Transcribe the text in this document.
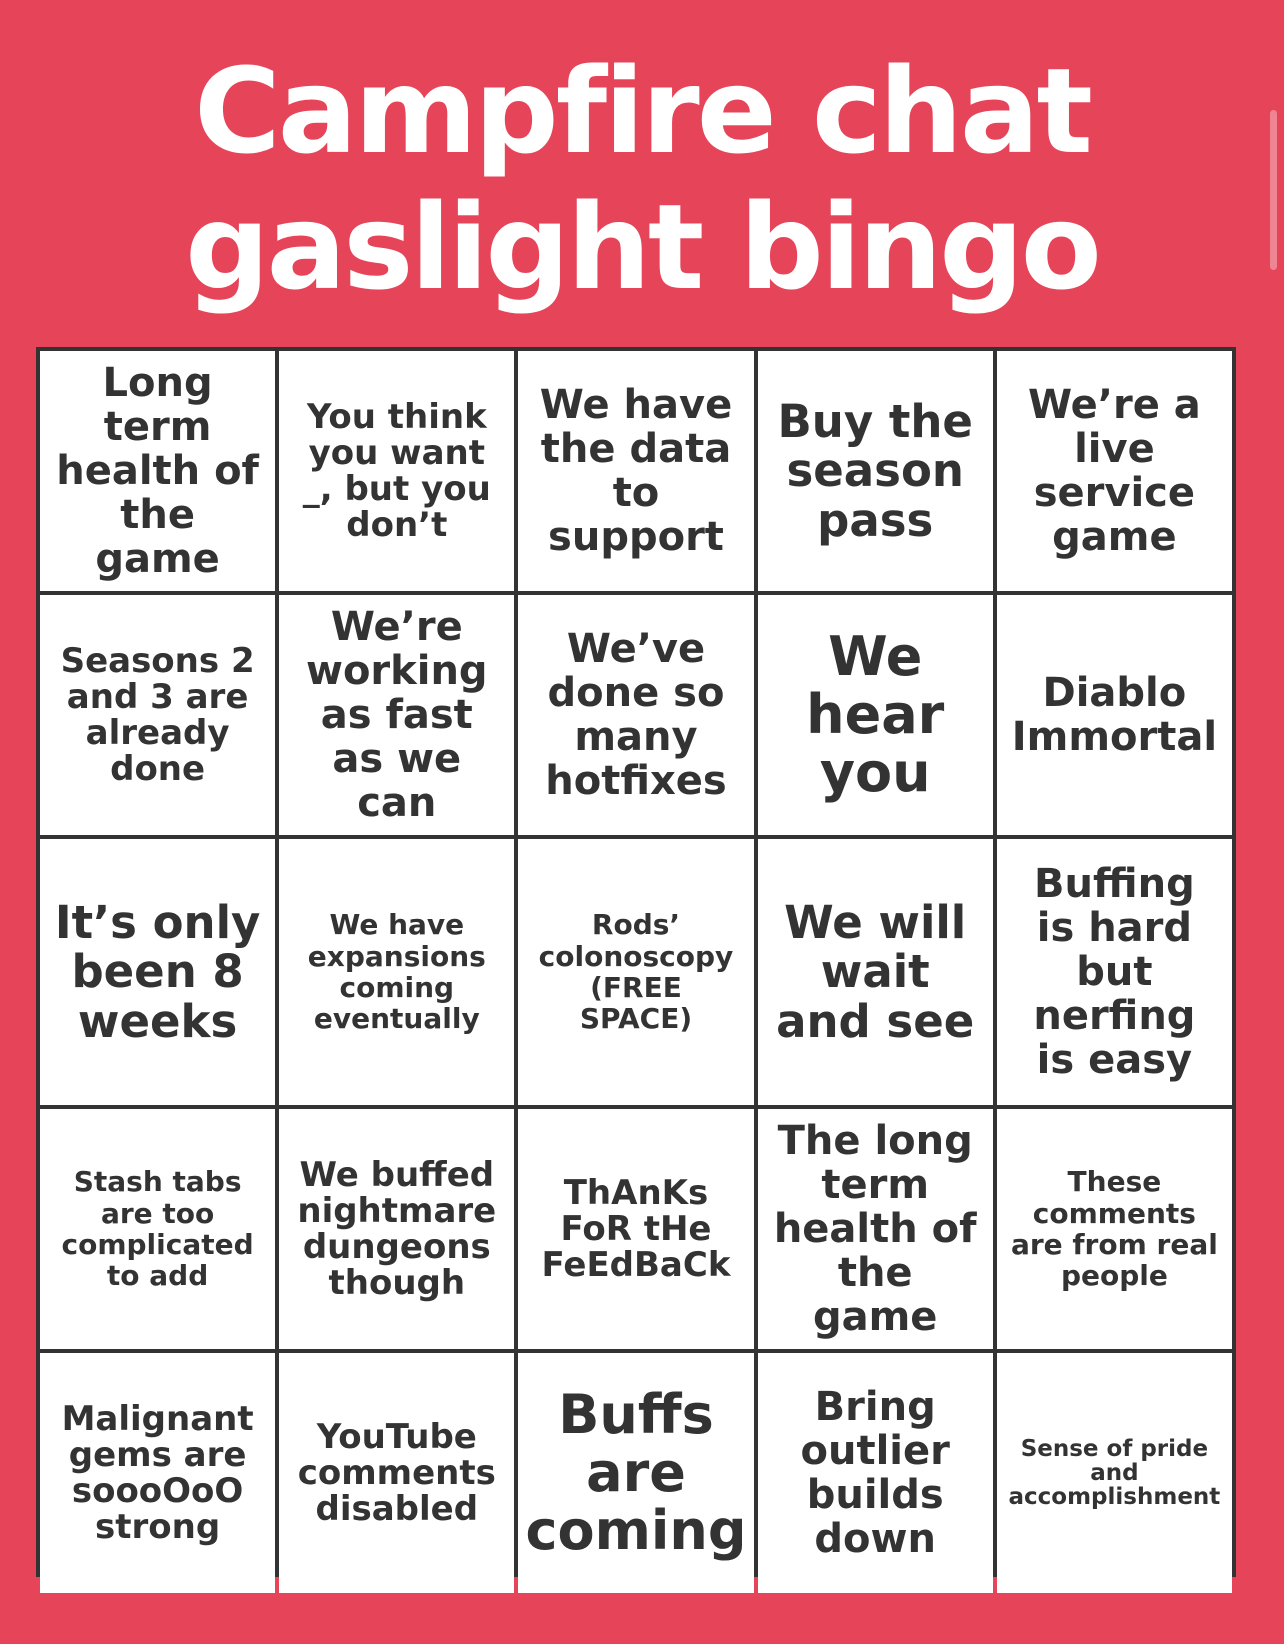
Campfire chat
gaslight bingo
Long term health of the game
You think you want _, but you don’t
We have the data to support
Buy the season pass
We’re a live service game
Seasons 2 and 3 are already done
We’re working as fast as we can
We’ve done so many hotfixes
We hear you
Diablo Immortal
It’s only been 8 weeks
We have expansions coming eventually
Rods’ colonoscopy (FREE SPACE)
We will wait and see
Buffing is hard but nerfing is easy
Stash tabs are too complicated to add
We buffed nightmare dungeons though
ThAnKs FoR tHe FeEdBaCk
The long term health of the game
These comments are from real people
Malignant gems are soooOoO strong
YouTube comments disabled
Buffs are coming
Bring outlier builds down
Sense of pride and accomplishment
